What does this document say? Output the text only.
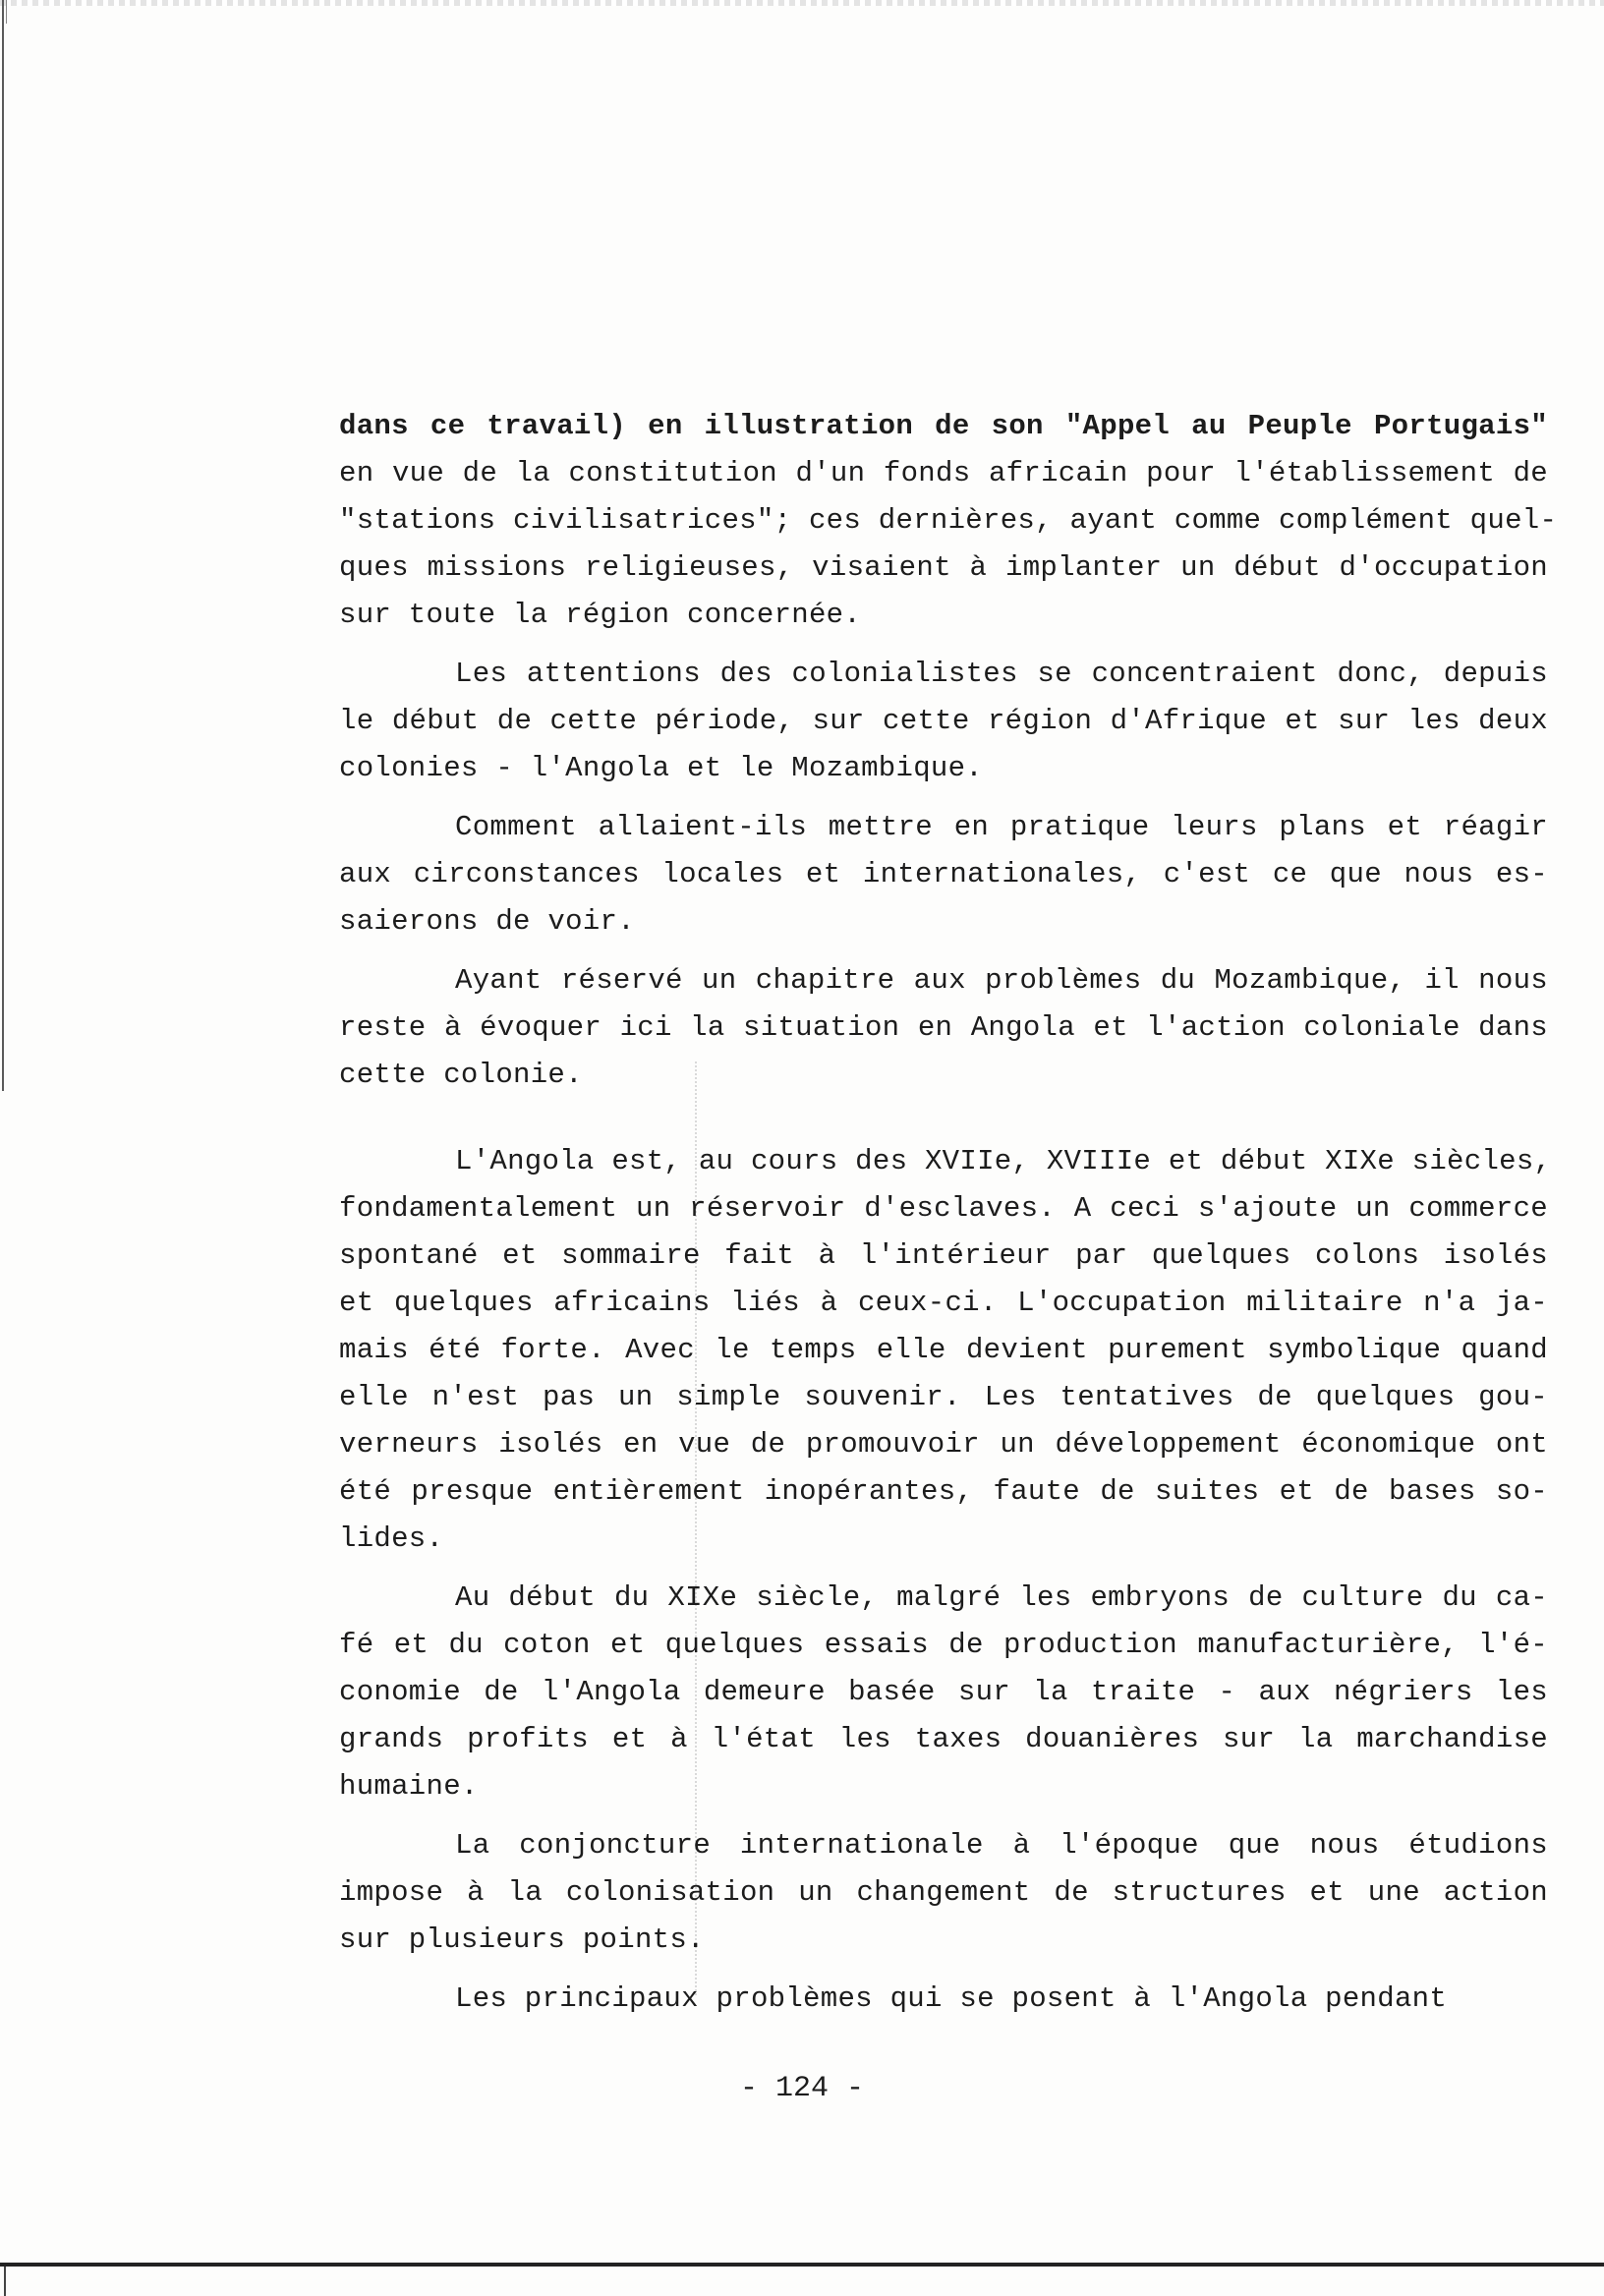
dans ce travail) en illustration de son "Appel au Peuple Portugais"
en vue de la constitution d'un fonds africain pour l'établissement de
"stations civilisatrices"; ces dernières, ayant comme complément quel-
ques missions religieuses, visaient à implanter un début d'occupation
sur toute la région concernée.
Les attentions des colonialistes se concentraient donc, depuis
le début de cette période, sur cette région d'Afrique et sur les deux
colonies - l'Angola et le Mozambique.
Comment allaient-ils mettre en pratique leurs plans et réagir
aux circonstances locales et internationales, c'est ce que nous es-
saierons de voir.
Ayant réservé un chapitre aux problèmes du Mozambique, il nous
reste à évoquer ici la situation en Angola et l'action coloniale dans
cette colonie.
L'Angola est, au cours des XVIIe, XVIIIe et début XIXe siècles,
fondamentalement un réservoir d'esclaves. A ceci s'ajoute un commerce
spontané et sommaire fait à l'intérieur par quelques colons isolés
et quelques africains liés à ceux-ci. L'occupation militaire n'a ja-
mais été forte. Avec le temps elle devient purement symbolique quand
elle n'est pas un simple souvenir. Les tentatives de quelques gou-
verneurs isolés en vue de promouvoir un développement économique ont
été presque entièrement inopérantes, faute de suites et de bases so-
lides.
Au début du XIXe siècle, malgré les embryons de culture du ca-
fé et du coton et quelques essais de production manufacturière, l'é-
conomie de l'Angola demeure basée sur la traite - aux négriers les
grands profits et à l'état les taxes douanières sur la marchandise
humaine.
La conjoncture internationale à l'époque que nous étudions
impose à la colonisation un changement de structures et une action
sur plusieurs points.
Les principaux problèmes qui se posent à l'Angola pendant
- 124 -
